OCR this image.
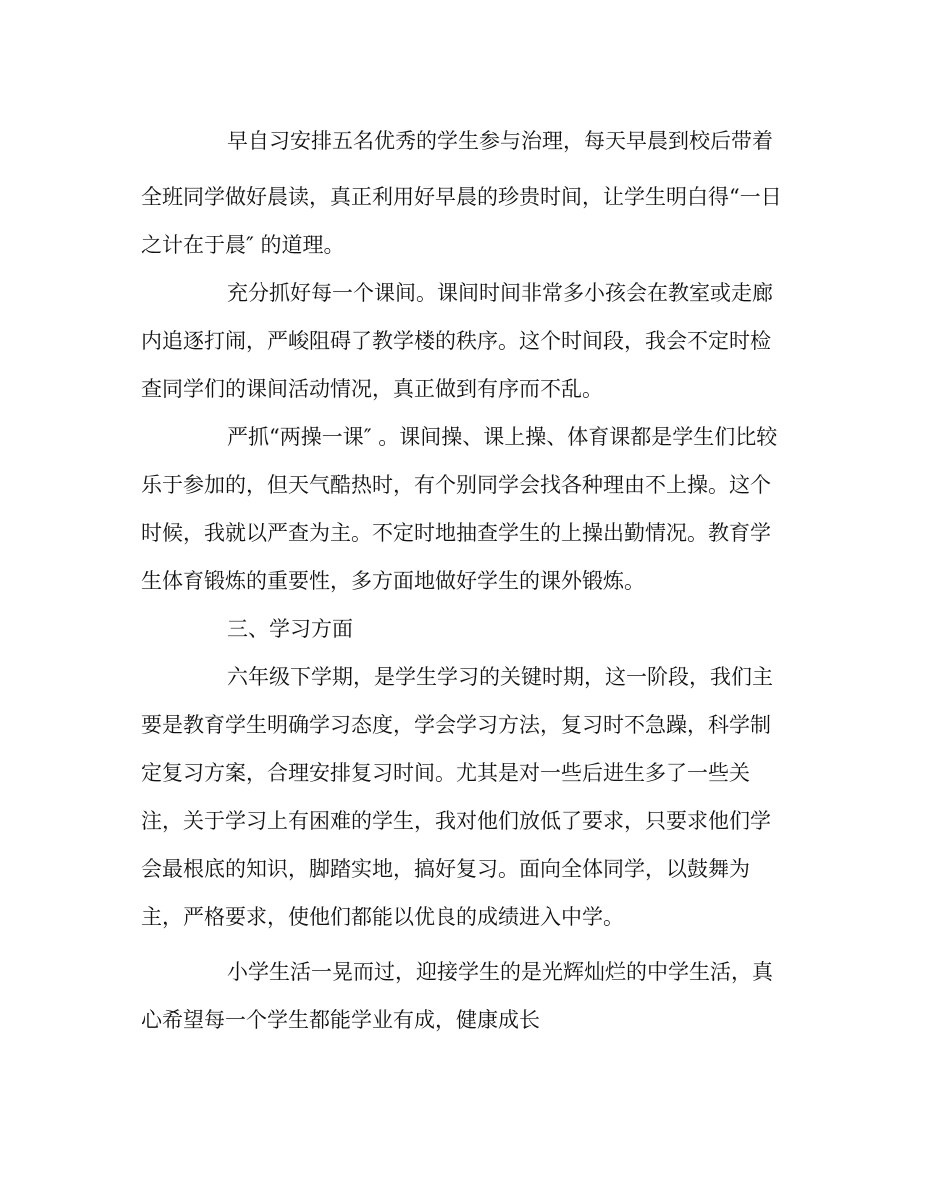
早自习安排五名优秀的学生参与治理，每天早晨到校后带着

全班同学做好晨读，真正利用好早晨的珍贵时间，让学生明白得“一日

之计在于晨″ 的道理。

充分抓好每一个课间。课间时间非常多小孩会在教室或走廊

内追逐打闹，严峻阻碍了教学楼的秩序。这个时间段，我会不定时检

查同学们的课间活动情况，真正做到有序而不乱。

严抓“两操一课″ 。课间操、课上操、体育课都是学生们比较

乐于参加的，但天气酷热时，有个别同学会找各种理由不上操。这个

时候，我就以严查为主。不定时地抽查学生的上操出勤情况。教育学

生体育锻炼的重要性，多方面地做好学生的课外锻炼。

三、学习方面

六年级下学期，是学生学习的关键时期，这一阶段，我们主

要是教育学生明确学习态度，学会学习方法，复习时不急躁，科学制

定复习方案，合理安排复习时间。尤其是对一些后进生多了一些关

注，关于学习上有困难的学生，我对他们放低了要求，只要求他们学

会最根底的知识，脚踏实地，搞好复习。面向全体同学，以鼓舞为

主，严格要求，使他们都能以优良的成绩进入中学。

小学生活一晃而过，迎接学生的是光辉灿烂的中学生活，真

心希望每一个学生都能学业有成，健康成长
